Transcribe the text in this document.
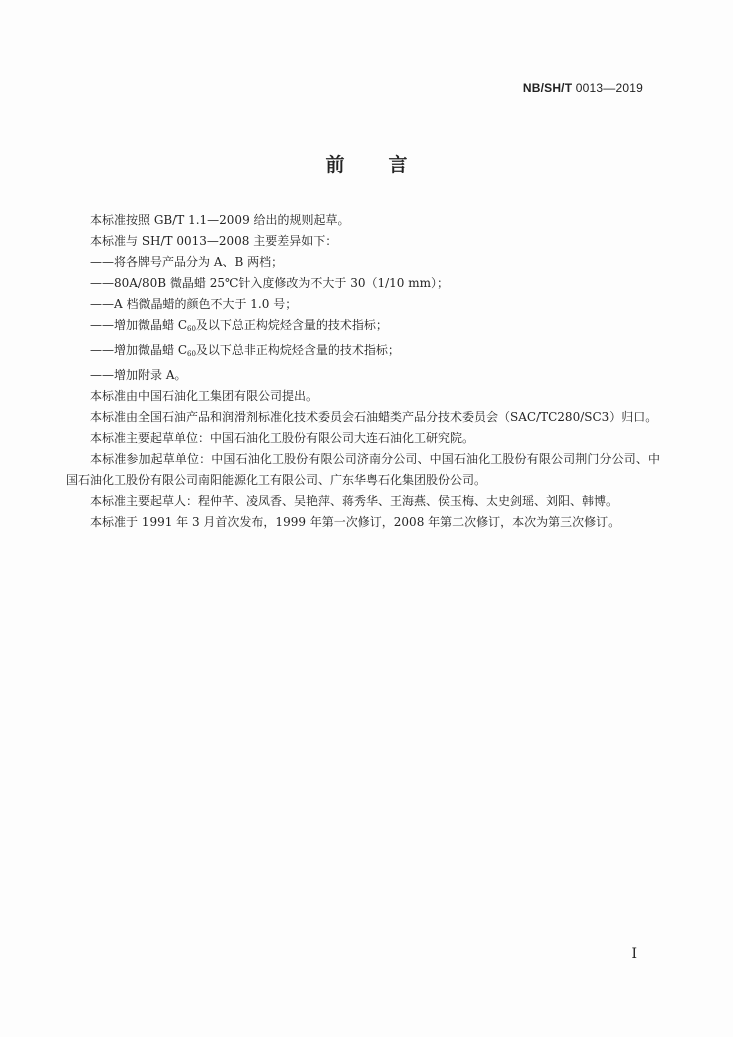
NB/SH/T 0013—2019
前言

本标准按照 GB/T 1.1—2009 给出的规则起草。

本标准与 SH/T 0013—2008 主要差异如下：

——将各牌号产品分为 A、B 两档；

——80A/80B 微晶蜡 25℃针入度修改为不大于 30（1/10 mm）；

——A 档微晶蜡的颜色不大于 1.0 号；

——增加微晶蜡 $C_{60}$及以下总正构烷烃含量的技术指标；

——增加微晶蜡 $C_{60}$及以下总非正构烷烃含量的技术指标；

——增加附录 A。

本标准由中国石油化工集团有限公司提出。

本标准由全国石油产品和润滑剂标准化技术委员会石油蜡类产品分技术委员会（SAC/TC280/SC3）归口。

本标准主要起草单位：中国石油化工股份有限公司大连石油化工研究院。

本标准参加起草单位：中国石油化工股份有限公司济南分公司、中国石油化工股份有限公司荆门分公司、中国石油化工股份有限公司南阳能源化工有限公司、广东华粤石化集团股份公司。

本标准主要起草人：程仲芊、凌凤香、吴艳萍、蒋秀华、王海燕、侯玉梅、太史剑瑶、刘阳、韩博。

本标准于 1991 年 3 月首次发布，1999 年第一次修订，2008 年第二次修订，本次为第三次修订。

I
